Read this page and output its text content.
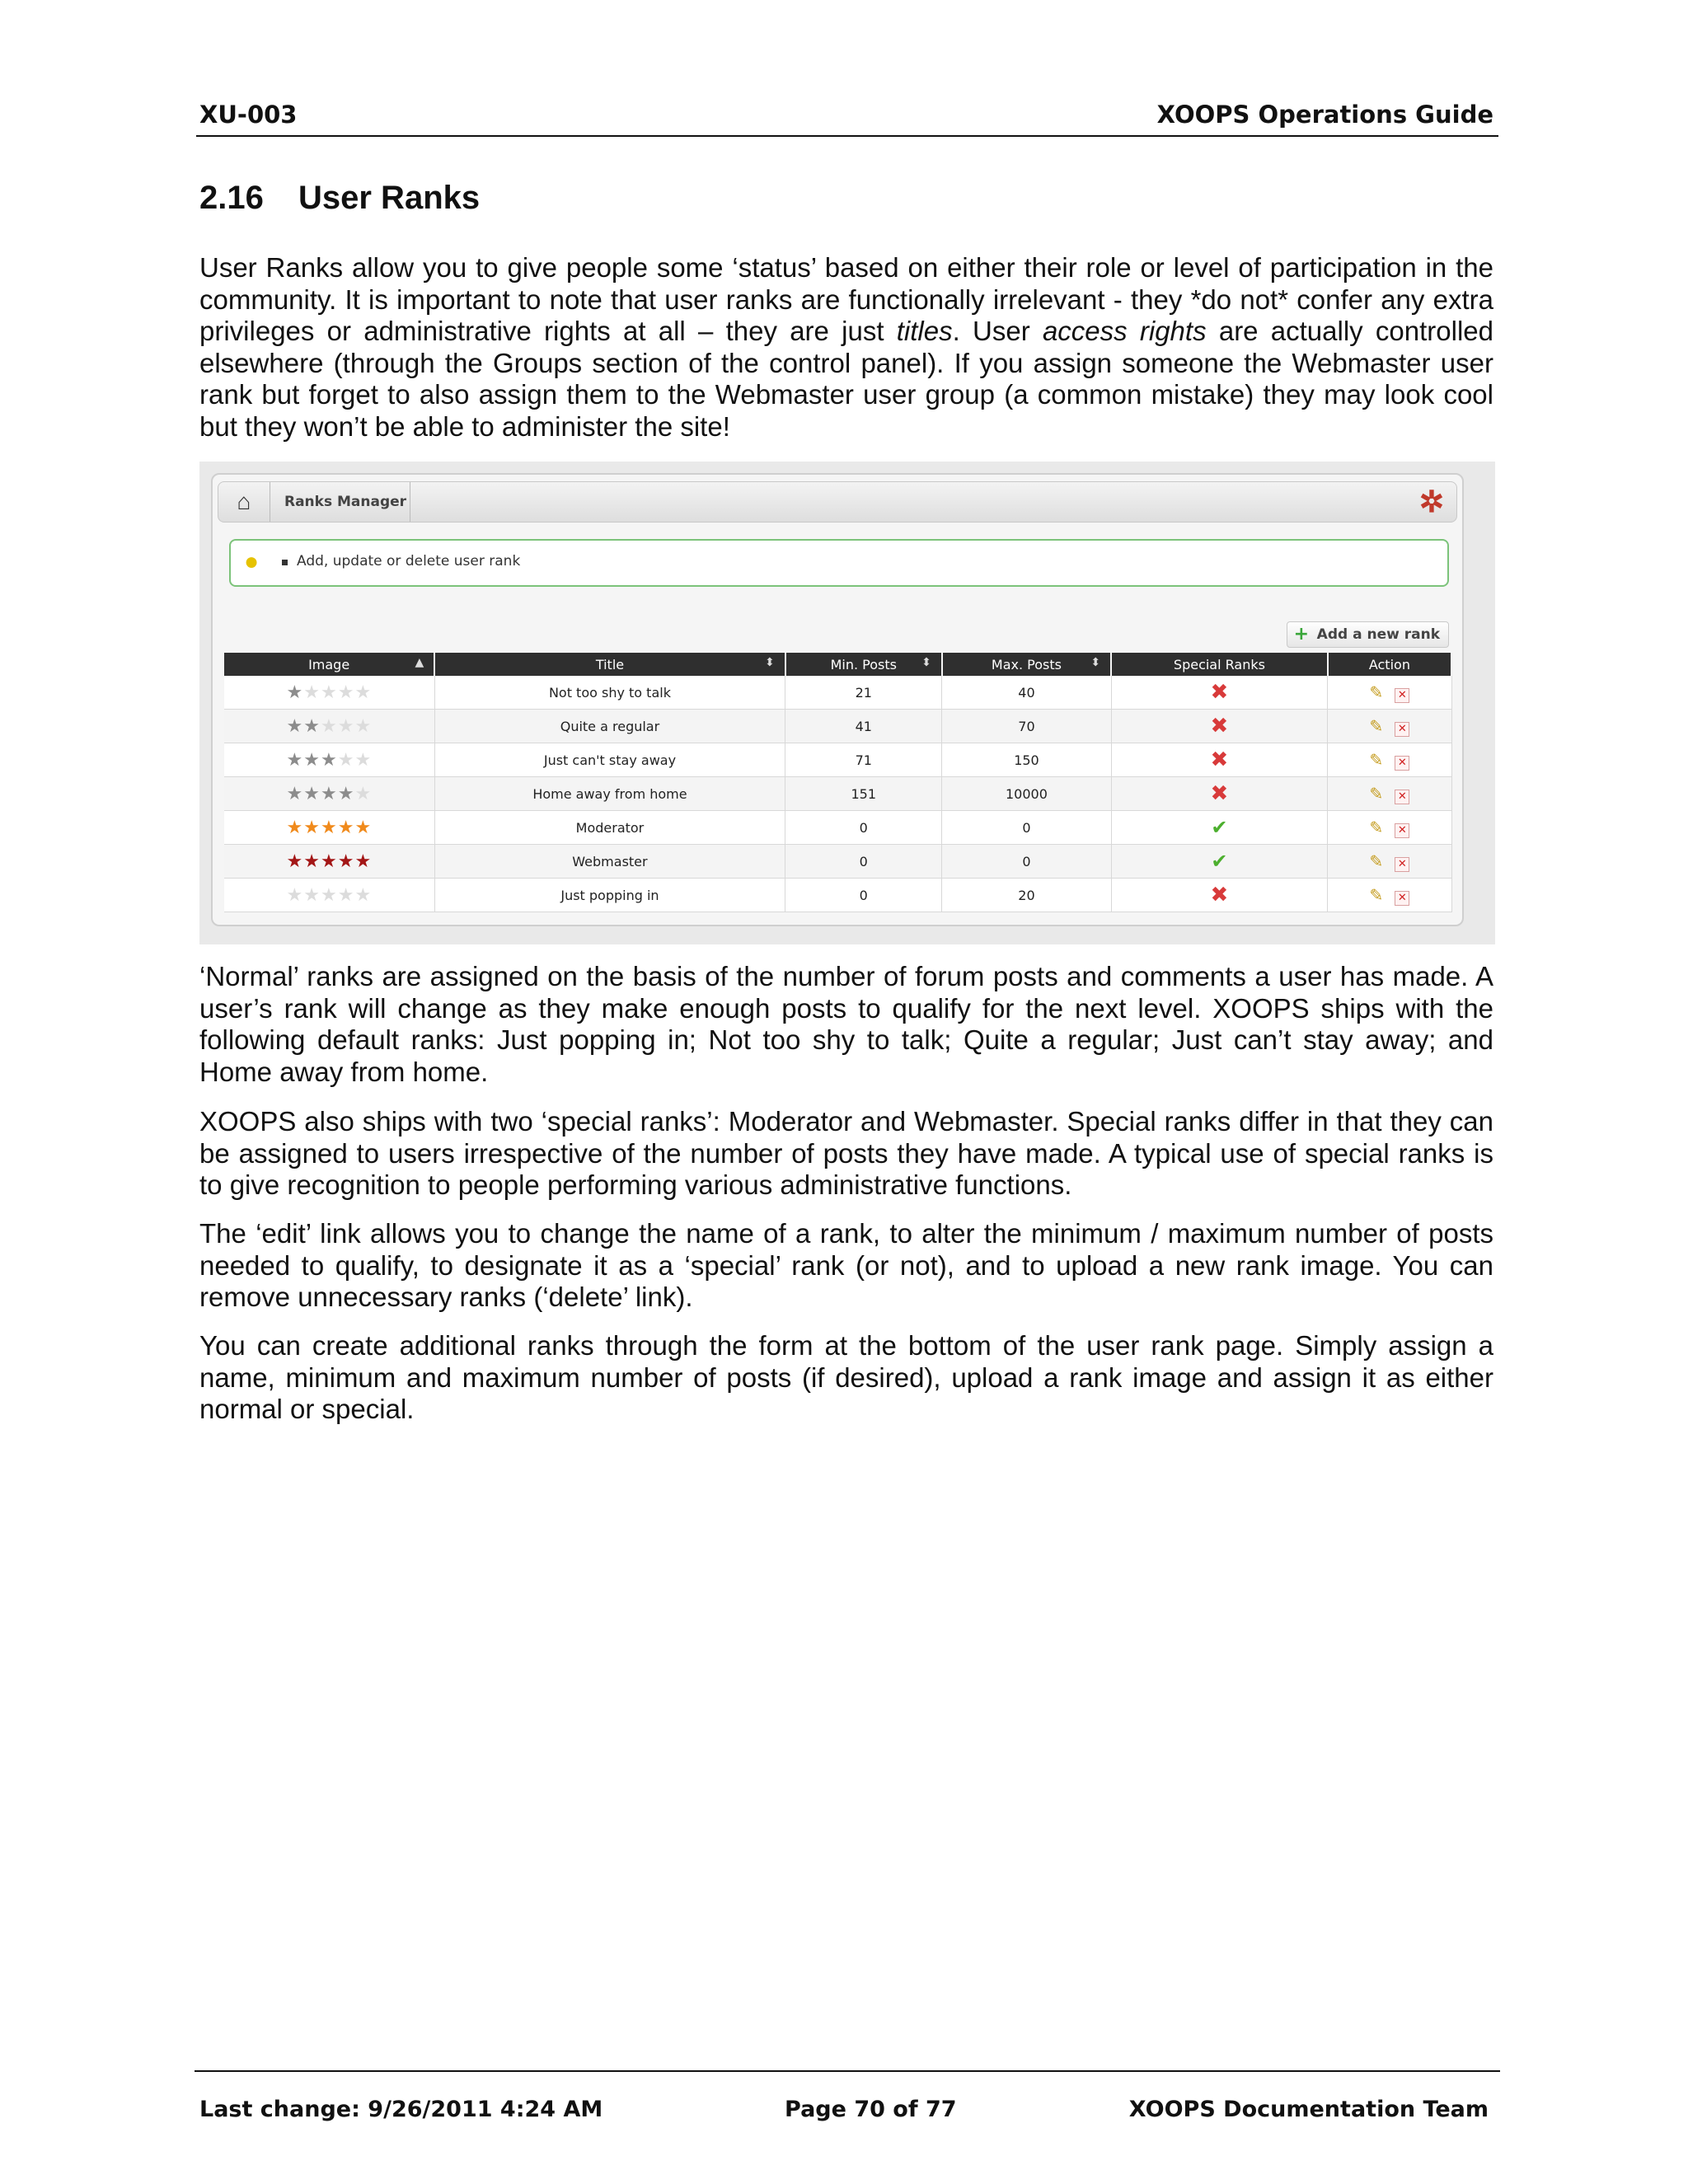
XU-003	XOOPS Operations Guide
2.16 User Ranks
User Ranks allow you to give people some ‘status’ based on either their role or level of participation in the community. It is important to note that user ranks are functionally irrelevant - they *do not* confer any extra privileges or administrative rights at all – they are just titles. User access rights are actually controlled elsewhere (through the Groups section of the control panel). If you assign someone the Webmaster user rank but forget to also assign them to the Webmaster user group (a common mistake) they may look cool but they won’t be able to administer the site!
⌂	Ranks Manager	✲
●	Add, update or delete user rank
+ Add a new rank
Image ▲	Title ⬍	Min. Posts ⬍	Max. Posts ⬍	Special Ranks	Action
★★★★★	Not too shy to talk	21	40	✖	✎ ✕
★★★★★	Quite a regular	41	70	✖	✎ ✕
★★★★★	Just can't stay away	71	150	✖	✎ ✕
★★★★★	Home away from home	151	10000	✖	✎ ✕
★★★★★	Moderator	0	0	✔	✎ ✕
★★★★★	Webmaster	0	0	✔	✎ ✕
★★★★★	Just popping in	0	20	✖	✎ ✕
‘Normal’ ranks are assigned on the basis of the number of forum posts and comments a user has made. A user’s rank will change as they make enough posts to qualify for the next level. XOOPS ships with the following default ranks: Just popping in; Not too shy to talk; Quite a regular; Just can’t stay away; and Home away from home.
XOOPS also ships with two ‘special ranks’: Moderator and Webmaster. Special ranks differ in that they can be assigned to users irrespective of the number of posts they have made. A typical use of special ranks is to give recognition to people performing various administrative functions.
The ‘edit’ link allows you to change the name of a rank, to alter the minimum / maximum number of posts needed to qualify, to designate it as a ‘special’ rank (or not), and to upload a new rank image. You can remove unnecessary ranks (‘delete’ link).
You can create additional ranks through the form at the bottom of the user rank page. Simply assign a name, minimum and maximum number of posts (if desired), upload a rank image and assign it as either normal or special.
Last change: 9/26/2011 4:24 AM	Page 70 of 77	XOOPS Documentation Team
